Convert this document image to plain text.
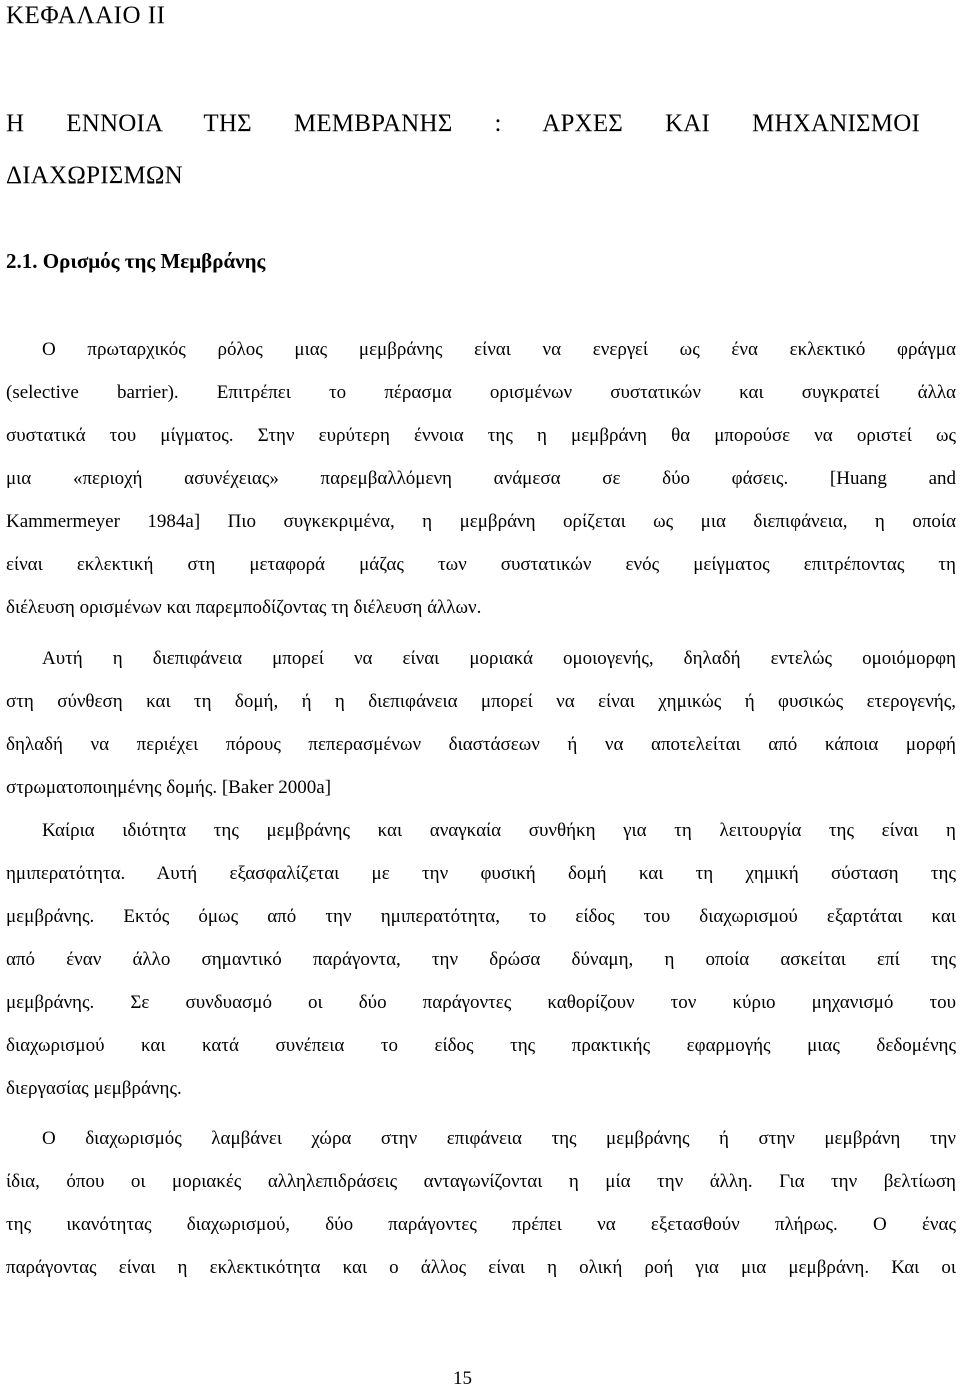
ΚΕΦΑΛΑΙΟ ΙΙ
Η ΕΝΝΟΙΑ ΤΗΣ ΜΕΜΒΡΑΝΗΣ : ΑΡΧΕΣ ΚΑΙ ΜΗΧΑΝΙΣΜΟΙ
ΔΙΑΧΩΡΙΣΜΩΝ
2.1. Ορισμός της Μεμβράνης
Ο πρωταρχικός ρόλος μιας μεμβράνης είναι να ενεργεί ως ένα εκλεκτικό φράγμα
(selective barrier). Επιτρέπει το πέρασμα ορισμένων συστατικών και συγκρατεί άλλα
συστατικά του μίγματος. Στην ευρύτερη έννοια της η μεμβράνη θα μπορούσε να οριστεί ως
μια «περιοχή ασυνέχειας» παρεμβαλλόμενη ανάμεσα σε δύο φάσεις. [Huang and
Kammermeyer 1984a] Πιο συγκεκριμένα, η μεμβράνη ορίζεται ως μια διεπιφάνεια, η οποία
είναι εκλεκτική στη μεταφορά μάζας των συστατικών ενός μείγματος επιτρέποντας τη
διέλευση ορισμένων και παρεμποδίζοντας τη διέλευση άλλων.
Αυτή η διεπιφάνεια μπορεί να είναι μοριακά ομοιογενής, δηλαδή εντελώς ομοιόμορφη
στη σύνθεση και τη δομή, ή η διεπιφάνεια μπορεί να είναι χημικώς ή φυσικώς ετερογενής,
δηλαδή να περιέχει πόρους πεπερασμένων διαστάσεων ή να αποτελείται από κάποια μορφή
στρωματοποιημένης δομής. [Baker 2000a]
Καίρια ιδιότητα της μεμβράνης και αναγκαία συνθήκη για τη λειτουργία της είναι η
ημιπερατότητα. Αυτή εξασφαλίζεται με την φυσική δομή και τη χημική σύσταση της
μεμβράνης. Εκτός όμως από την ημιπερατότητα, το είδος του διαχωρισμού εξαρτάται και
από έναν άλλο σημαντικό παράγοντα, την δρώσα δύναμη, η οποία ασκείται επί της
μεμβράνης. Σε συνδυασμό οι δύο παράγοντες καθορίζουν τον κύριο μηχανισμό του
διαχωρισμού και κατά συνέπεια το είδος της πρακτικής εφαρμογής μιας δεδομένης
διεργασίας μεμβράνης.
Ο διαχωρισμός λαμβάνει χώρα στην επιφάνεια της μεμβράνης ή στην μεμβράνη την
ίδια, όπου οι μοριακές αλληλεπιδράσεις ανταγωνίζονται η μία την άλλη. Για την βελτίωση
της ικανότητας διαχωρισμού, δύο παράγοντες πρέπει να εξετασθούν πλήρως. Ο ένας
παράγοντας είναι η εκλεκτικότητα και ο άλλος είναι η ολική ροή για μια μεμβράνη. Και οι
15
